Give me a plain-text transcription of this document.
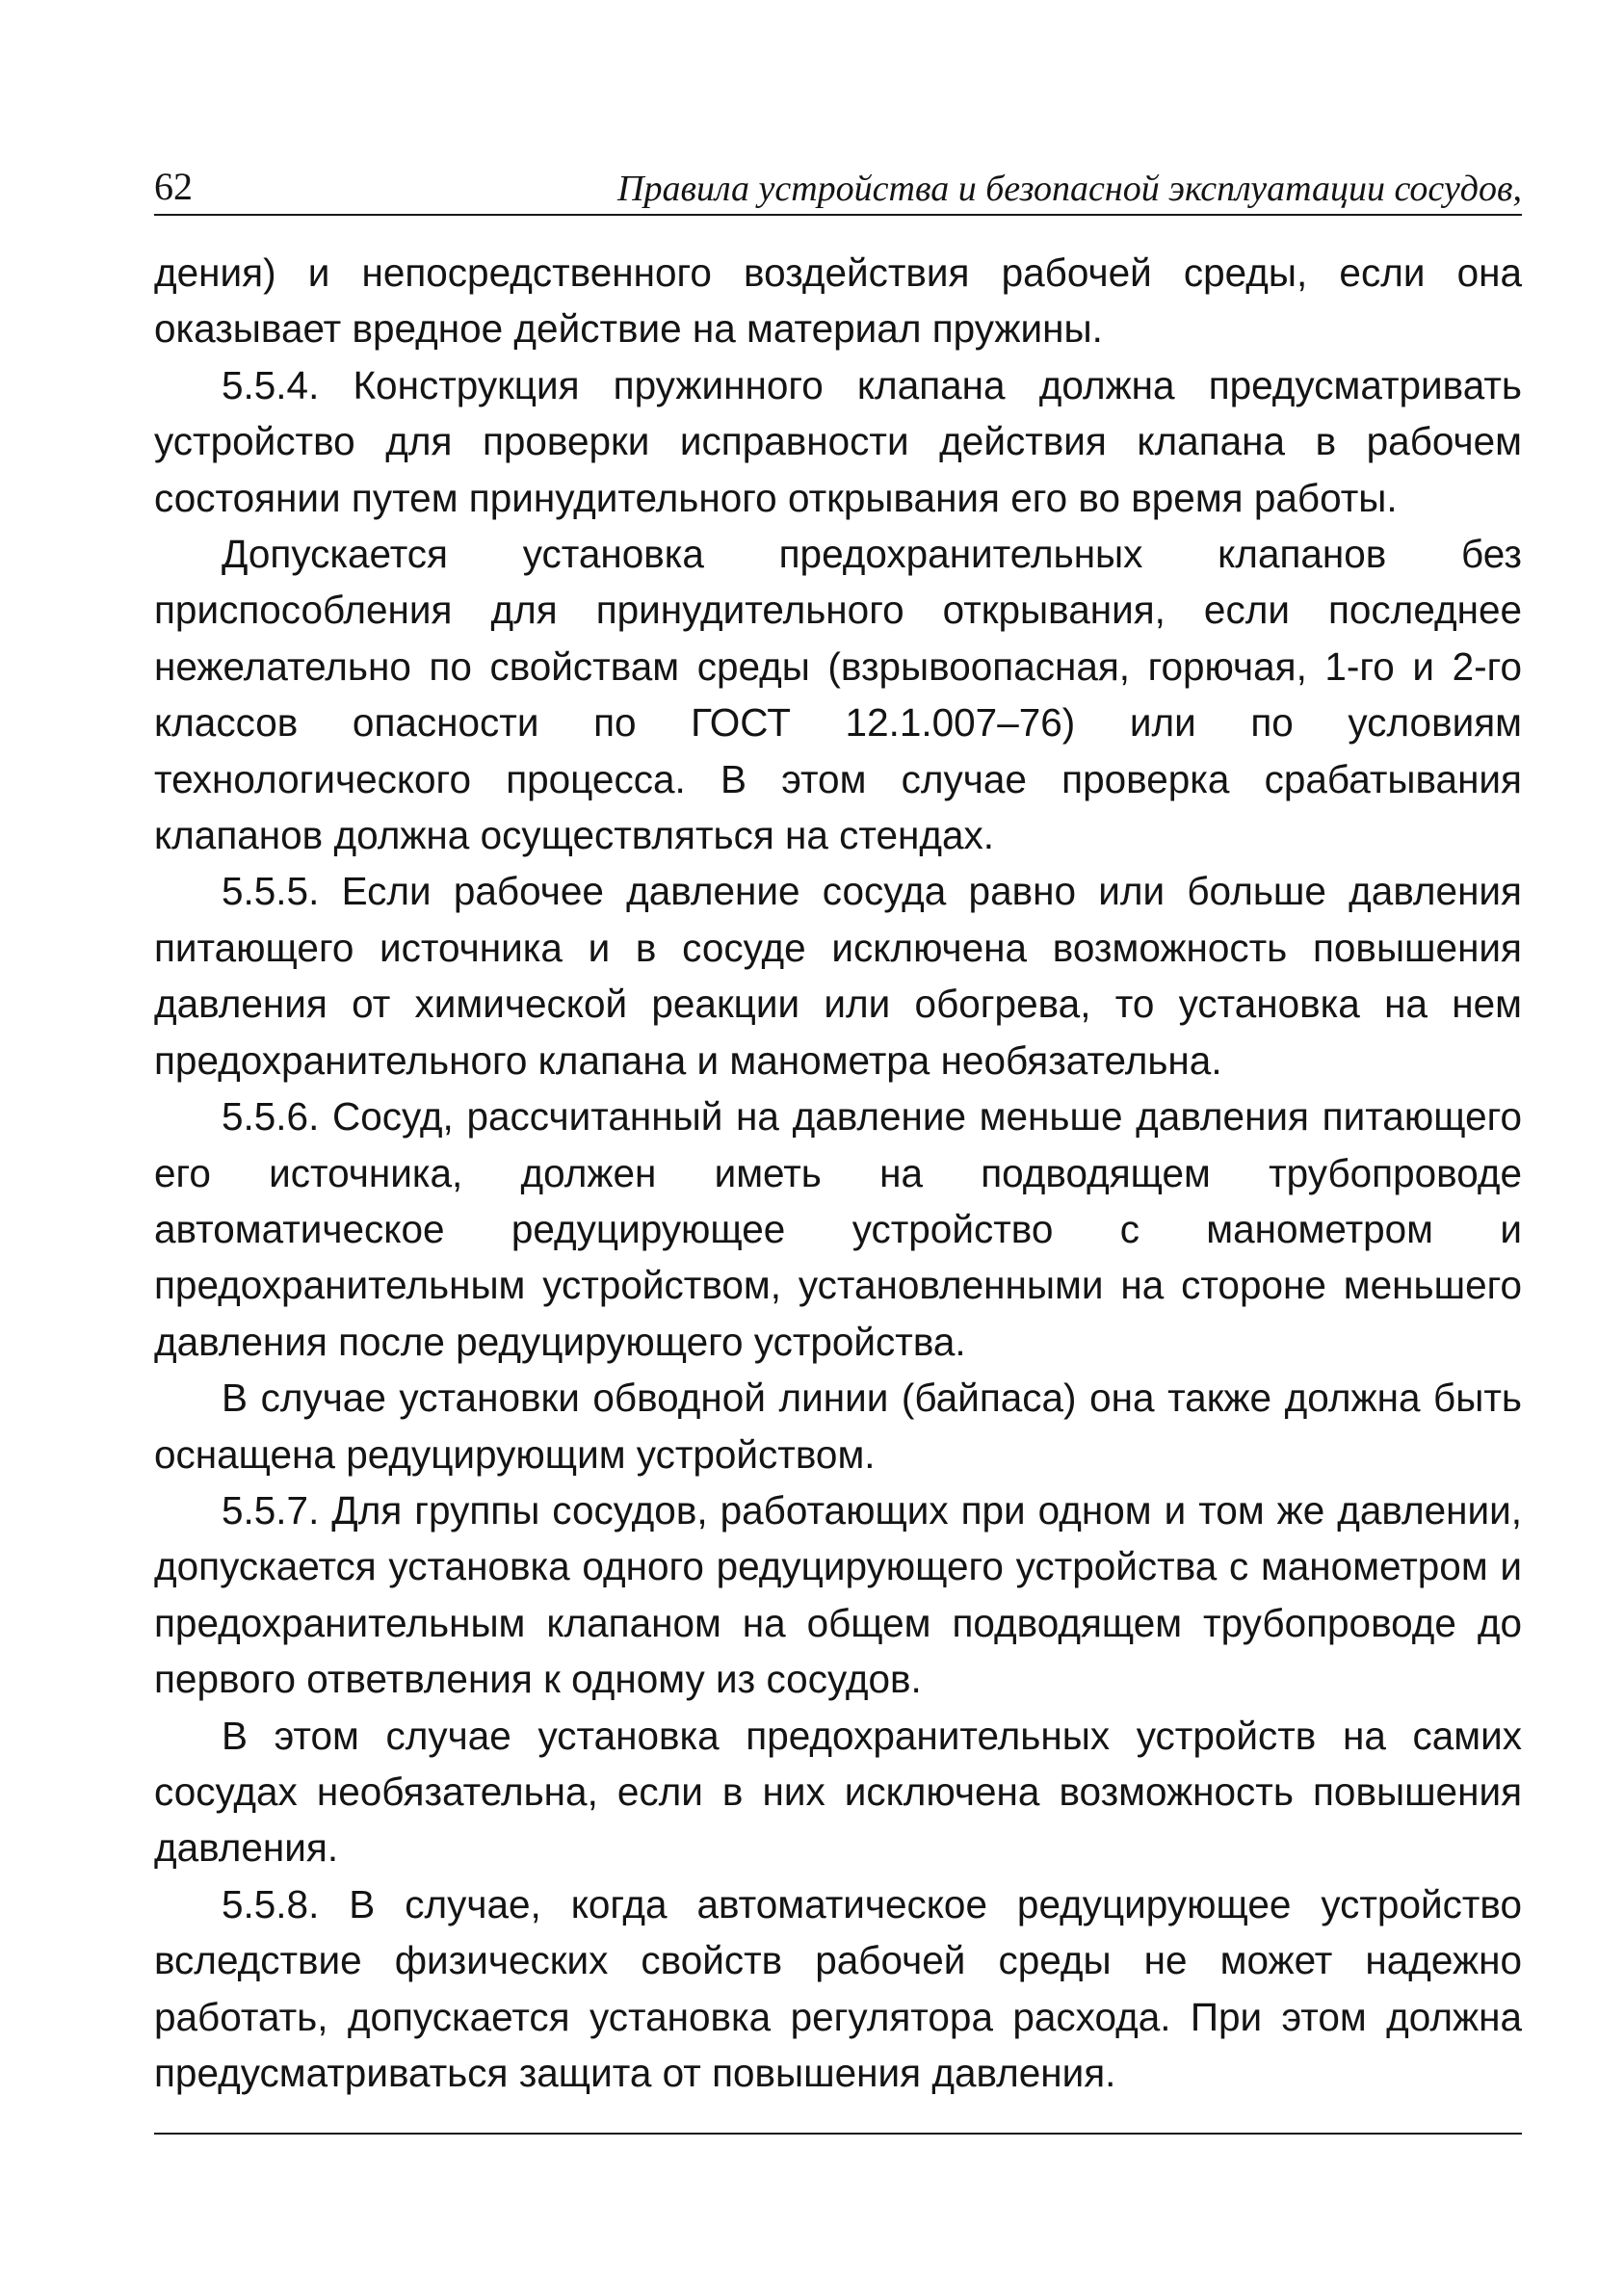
62	Правила устройства и безопасной эксплуатации сосудов,

дения) и непосредственного воздействия рабочей среды, если она оказывает вредное действие на материал пружины.

5.5.4. Конструкция пружинного клапана должна предусматривать устройство для проверки исправности действия клапана в рабочем состоянии путем принудительного открывания его во время работы.

Допускается установка предохранительных клапанов без приспособления для принудительного открывания, если последнее нежелательно по свойствам среды (взрывоопасная, горючая, 1-го и 2-го классов опасности по ГОСТ 12.1.007–76) или по условиям технологического процесса. В этом случае проверка срабатывания клапанов должна осуществляться на стендах.

5.5.5. Если рабочее давление сосуда равно или больше давления питающего источника и в сосуде исключена возможность повышения давления от химической реакции или обогрева, то установка на нем предохранительного клапана и манометра необязательна.

5.5.6. Сосуд, рассчитанный на давление меньше давления питающего его источника, должен иметь на подводящем трубопроводе автоматическое редуцирующее устройство с манометром и предохранительным устройством, установленными на стороне меньшего давления после редуцирующего устройства.

В случае установки обводной линии (байпаса) она также должна быть оснащена редуцирующим устройством.

5.5.7. Для группы сосудов, работающих при одном и том же давлении, допускается установка одного редуцирующего устройства с манометром и предохранительным клапаном на общем подводящем трубопроводе до первого ответвления к одному из сосудов.

В этом случае установка предохранительных устройств на самих сосудах необязательна, если в них исключена возможность повышения давления.

5.5.8. В случае, когда автоматическое редуцирующее устройство вследствие физических свойств рабочей среды не может надежно работать, допускается установка регулятора расхода. При этом должна предусматриваться защита от повышения давления.
